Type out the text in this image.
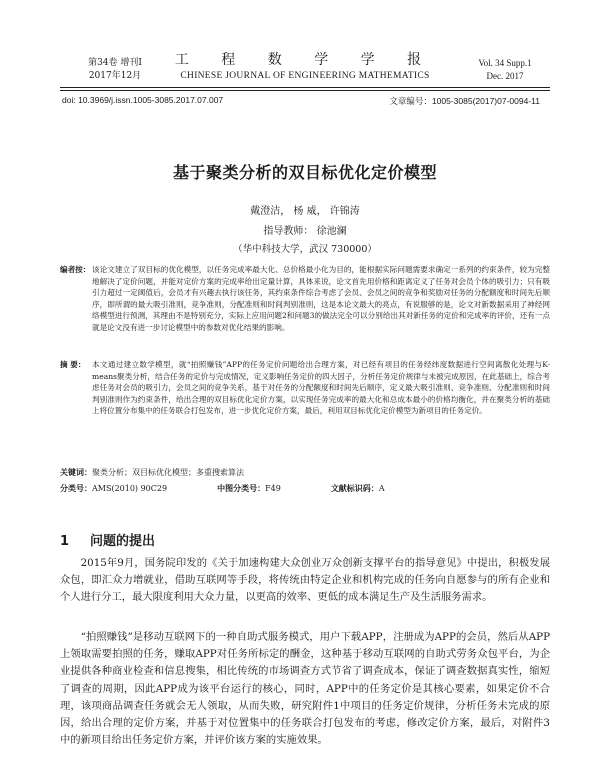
第34卷 增刊Ⅰ
2017年12月
工 程 数 学 学 报
CHINESE JOURNAL OF ENGINEERING MATHEMATICS
Vol. 34 Supp.1
Dec. 2017
doi: 10.3969/j.issn.1005-3085.2017.07.007	文章编号：1005-3085(2017)07-0094-11
基于聚类分析的双目标优化定价模型
戴澄洁， 杨 威， 许锦涛
指导教师： 徐池澜
（华中科技大学，武汉 730000）
编者按： 该论文建立了双目标的优化模型，以任务完成率最大化、总价格最小化为目的，能根据实际问题需要求确定一系列的约束条件，较为完整地解决了定价问题，并能对定价方案的完成率给出定量计算，具体来说，论文首先用价格和距离定义了任务对会员个体的吸引力；只有吸引力超过一定阈值后，会员才有兴趣去执行该任务，其约束条件综合考虑了会员、会员之间的竞争和奖励对任务的分配额度和时间先后顺序，即所谓的最大吸引准则，竞争准则，分配准则和时间判别准则，这是本论文最大的亮点，有说服够的是，论文对新数据采用了神经网络模型进行预测，其理由不是特别充分，实际上应用问题2和问题3的做法完全可以分别给出其对新任务的定价和完成率的评价，还有一点就是论文没有进一步讨论模型中的参数对优化结果的影响。
摘 要： 本文通过建立数学模型，就“拍照赚钱”APP的任务定价问题给出合理方案，对已经有项目的任务经纬度数据进行空间离散化处理与K-means聚类分析，结合任务的定价与完成情况，定义影响任务定价的四大因子，分析任务定价规律与未被完成原因，在此基础上，综合考虑任务对会员的吸引力，会员之间的竞争关系，基于对任务的分配额度和时间先后顺序，定义最大吸引准则、竞争准则、分配准则和时间判别准则作为约束条件，给出合理的双目标优化定价方案，以实现任务完成率的最大化和总成本最小的价格均衡化，并在聚类分析的基础上将位置分布集中的任务联合打包发布，进一步优化定价方案，最后，利用双目标优化定价模型为新项目的任务定价。
关键词：聚类分析；双目标优化模型；多重搜索算法
分类号：AMS(2010) 90C29	中图分类号：F49	文献标识码：A
1 问题的提出
2015年9月，国务院印发的《关于加速构建大众创业万众创新支撑平台的指导意见》中提出，积极发展众包，即汇众力增就业，借助互联网等手段，将传统由特定企业和机构完成的任务向自愿参与的所有企业和个人进行分工，最大限度利用大众力量，以更高的效率、更低的成本满足生产及生活服务需求。
“拍照赚钱”是移动互联网下的一种自助式服务模式，用户下载APP，注册成为APP的会员，然后从APP上领取需要拍照的任务，赚取APP对任务所标定的酬金，这种基于移动互联网的自助式劳务众包平台，为企业提供各种商业检查和信息搜集，相比传统的市场调查方式节省了调查成本，保证了调查数据真实性，缩短了调查的周期，因此APP成为该平台运行的核心，同时，APP中的任务定价是其核心要素，如果定价不合理，该项商品调查任务就会无人领取，从而失败，研究附件1中项目的任务定价规律，分析任务未完成的原因，给出合理的定价方案，并基于对位置集中的任务联合打包发布的考虑，修改定价方案，最后，对附件3中的新项目给出任务定价方案，并评价该方案的实施效果。
